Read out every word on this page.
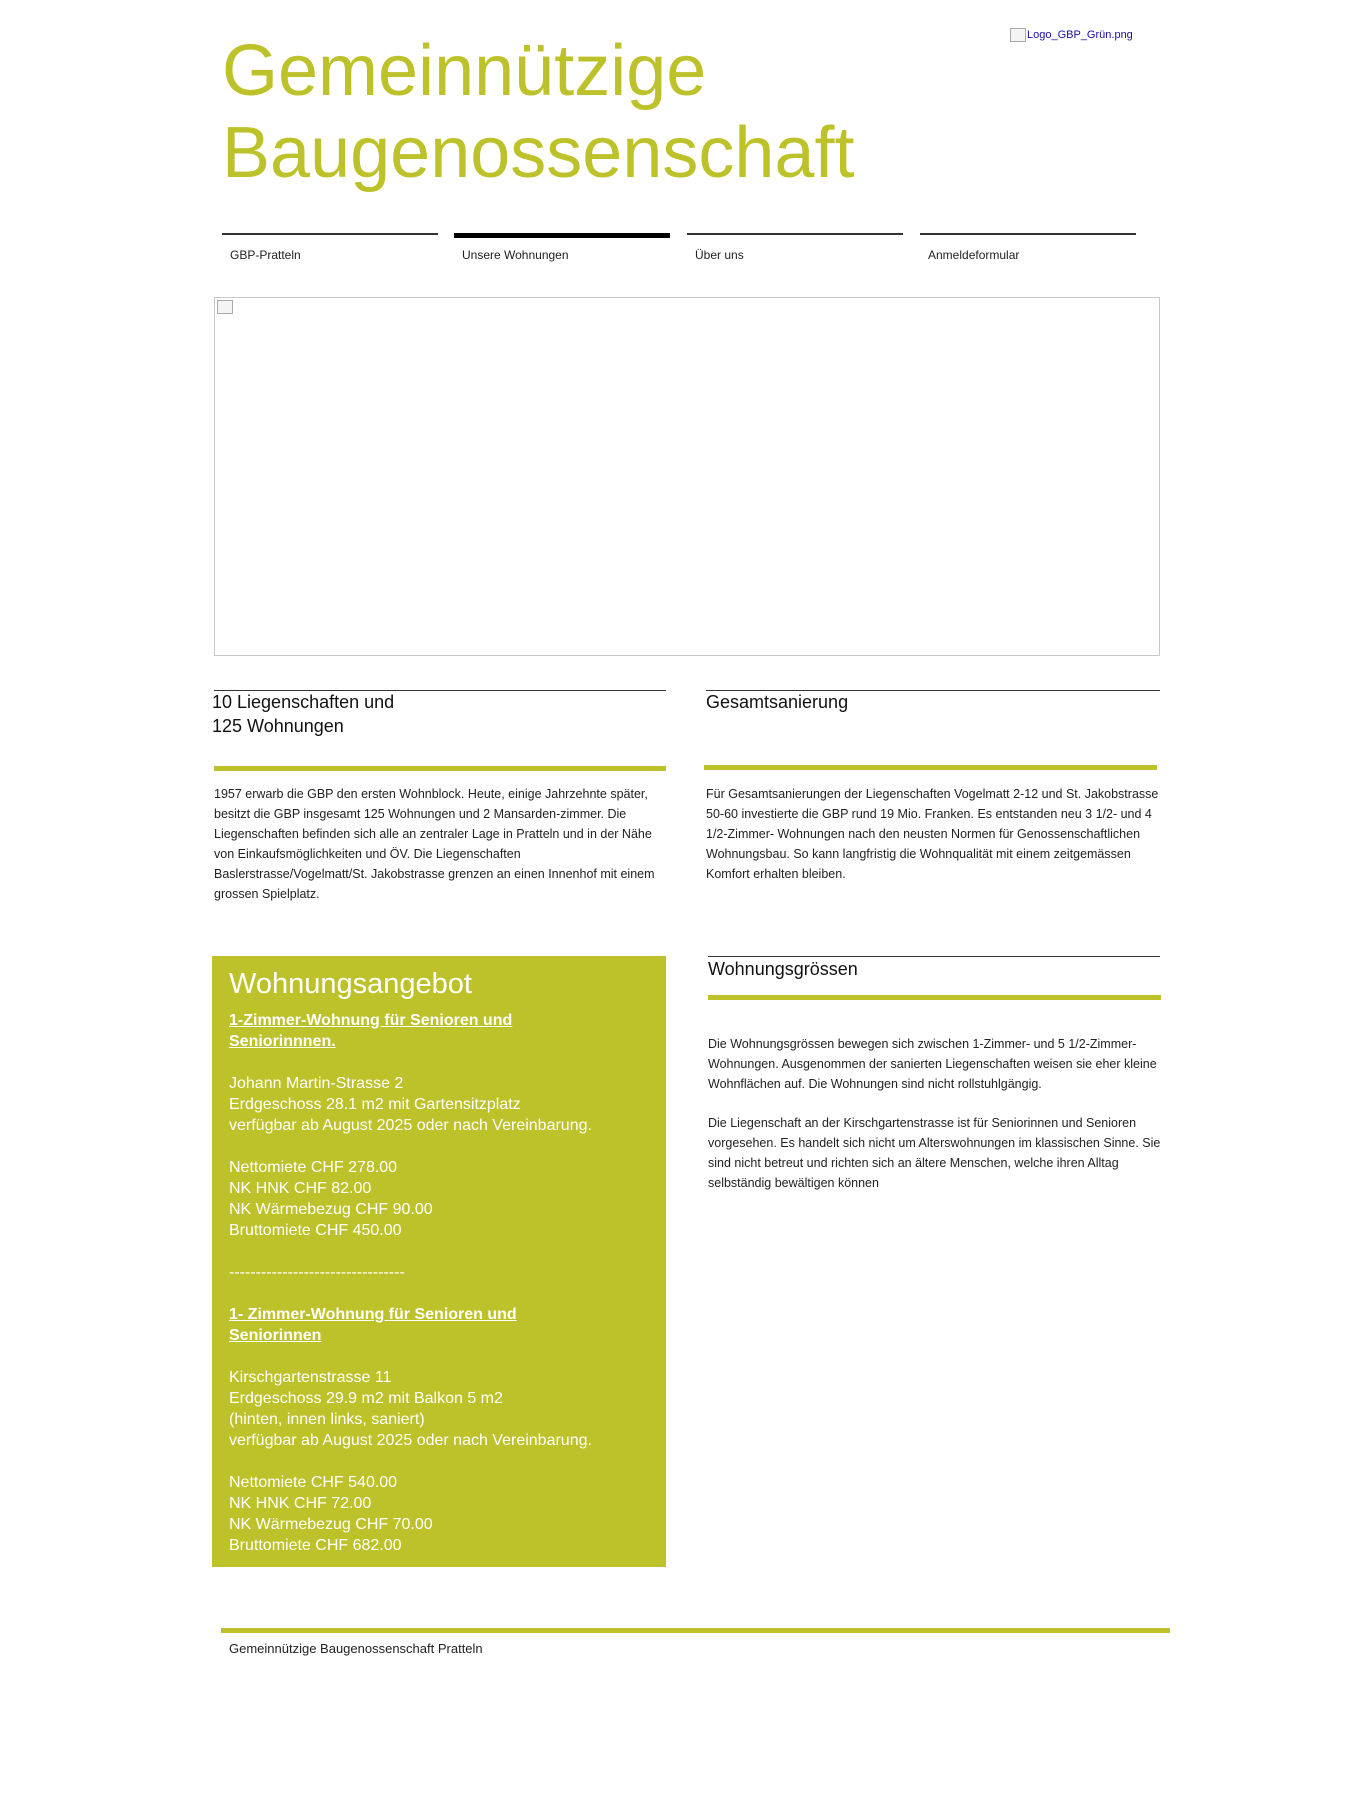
Gemeinnützige
Baugenossenschaft
Logo_GBP_Grün.png
GBP-Pratteln	Unsere Wohnungen	Über uns	Anmeldeformular
10 Liegenschaften und
125 Wohnungen

1957 erwarb die GBP den ersten Wohnblock. Heute, einige Jahrzehnte später, besitzt die GBP insgesamt 125 Wohnungen und 2 Mansarden-zimmer. Die Liegenschaften befinden sich alle an zentraler Lage in Pratteln und in der Nähe von Einkaufsmöglichkeiten und ÖV. Die Liegenschaften Baslerstrasse/Vogelmatt/St. Jakobstrasse grenzen an einen Innenhof mit einem grossen Spielplatz.

Gesamtsanierung

Für Gesamtsanierungen der Liegenschaften Vogelmatt 2-12 und St. Jakobstrasse 50-60 investierte die GBP rund 19 Mio. Franken. Es entstanden neu 3 1/2- und 4 1/2-Zimmer- Wohnungen nach den neusten Normen für Genossenschaftlichen Wohnungsbau. So kann langfristig die Wohnqualität mit einem zeitgemässen Komfort erhalten bleiben.

Wohnungsangebot
1-Zimmer-Wohnung für Senioren und
Seniorinnnen.
Johann Martin-Strasse 2
Erdgeschoss 28.1 m2 mit Gartensitzplatz
verfügbar ab August 2025 oder nach Vereinbarung.
Nettomiete CHF 278.00
NK HNK CHF 82.00
NK Wärmebezug CHF 90.00
Bruttomiete CHF 450.00
---------------------------------
1- Zimmer-Wohnung für Senioren und
Seniorinnen
Kirschgartenstrasse 11
Erdgeschoss 29.9 m2 mit Balkon 5 m2
(hinten, innen links, saniert)
verfügbar ab August 2025 oder nach Vereinbarung.
Nettomiete CHF 540.00
NK HNK CHF 72.00
NK Wärmebezug CHF 70.00
Bruttomiete CHF 682.00
Wohnungsgrössen

Die Wohnungsgrössen bewegen sich zwischen 1-Zimmer- und 5 1/2-Zimmer-Wohnungen. Ausgenommen der sanierten Liegenschaften weisen sie eher kleine Wohnflächen auf. Die Wohnungen sind nicht rollstuhlgängig.

Die Liegenschaft an der Kirschgartenstrasse ist für Seniorinnen und Senioren vorgesehen. Es handelt sich nicht um Alterswohnungen im klassischen Sinne. Sie sind nicht betreut und richten sich an ältere Menschen, welche ihren Alltag selbständig bewältigen können

Gemeinnützige Baugenossenschaft Pratteln
